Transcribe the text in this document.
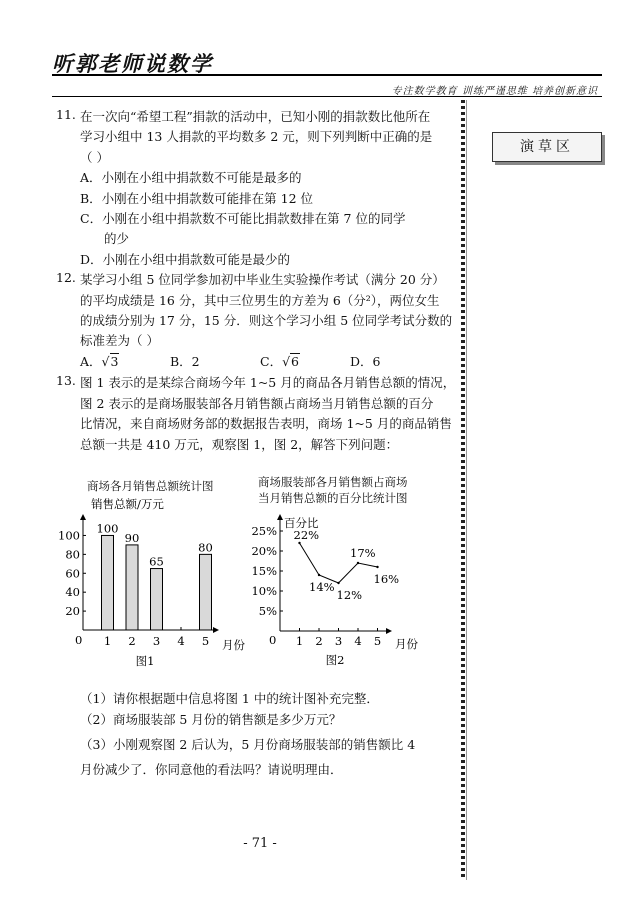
听郭老师说数学
专注数学教育 训练严谨思维 培养创新意识
演草区
11. 在一次向“希望工程”捐款的活动中，已知小刚的捐款数比他所在
学习小组中 13 人捐款的平均数多 2 元，则下列判断中正确的是
（ ）
A．小刚在小组中捐款数不可能是最多的
B．小刚在小组中捐款数可能排在第 12 位
C．小刚在小组中捐款数不可能比捐款数排在第 7 位的同学
的少
D．小刚在小组中捐款数可能是最少的
12. 某学习小组 5 位同学参加初中毕业生实验操作考试（满分 20 分）
的平均成绩是 16 分，其中三位男生的方差为 6（分²），两位女生
的成绩分别为 17 分，15 分．则这个学习小组 5 位同学考试分数的
标准差为（ ）
A．√3	B．2	C．√6	D．6
13. 图 1 表示的是某综合商场今年 1~5 月的商品各月销售总额的情况，
图 2 表示的是商场服装部各月销售额占商场当月销售总额的百分
比情况，来自商场财务部的数据报告表明，商场 1~5 月的商品销售
总额一共是 410 万元，观察图 1，图 2，解答下列问题：
商场各月销售总额统计图
销售总额/万元
月份
0
20
40
60
80
100
1
100
2
90
3
65
4 5
80
图1
商场服装部各月销售额占商场
当月销售总额的百分比统计图
百分比
月份
0
5%
10%
15%
20%
25%
1 2 3 4 5
22%
14%
12%
17%
16%
图2
（1）请你根据题中信息将图 1 中的统计图补充完整．
（2）商场服装部 5 月份的销售额是多少万元？
（3）小刚观察图 2 后认为，5 月份商场服装部的销售额比 4
月份减少了．你同意他的看法吗？请说明理由．
- 71 -
